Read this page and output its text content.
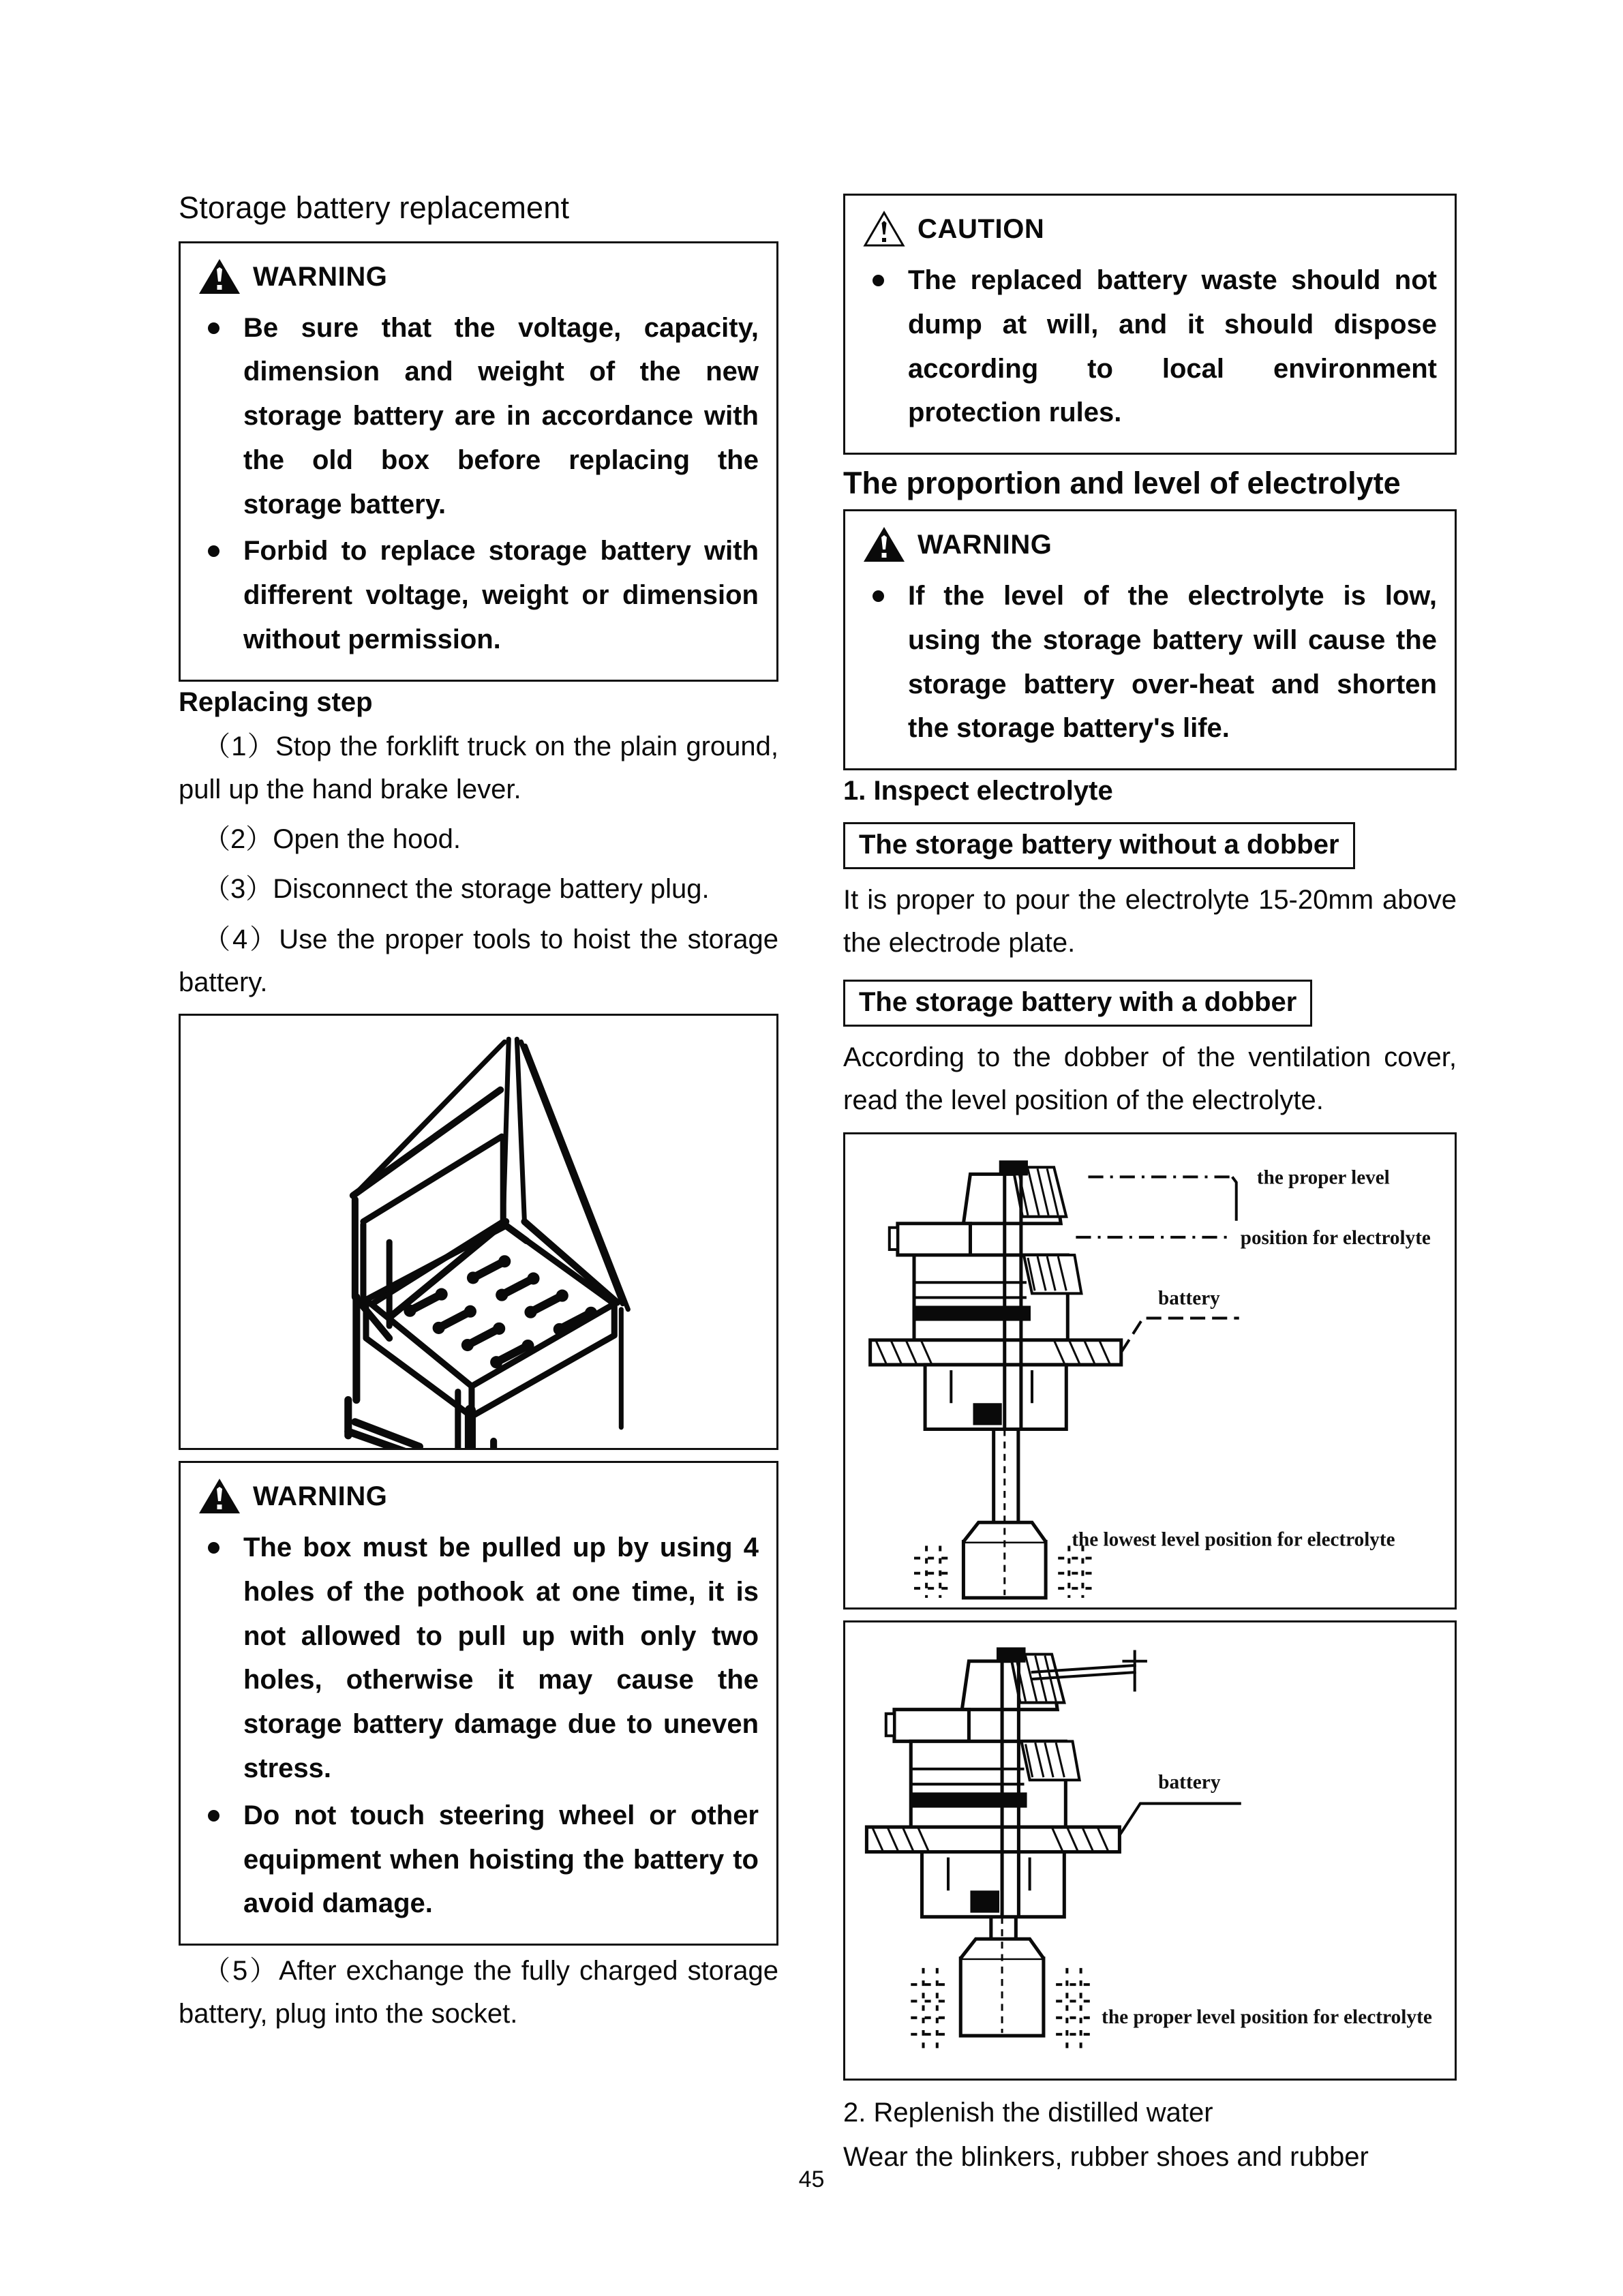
Storage battery replacement
WARNING
Be sure that the voltage, capacity, dimension and weight of the new storage battery are in accordance with the old box before replacing the storage battery.
Forbid to replace storage battery with different voltage, weight or dimension without permission.
Replacing step

（1）Stop the forklift truck on the plain ground, pull up the hand brake lever.

（2）Open the hood.

（3）Disconnect the storage battery plug.

（4）Use the proper tools to hoist the storage battery.

WARNING
The box must be pulled up by using 4 holes of the pothook at one time, it is not allowed to pull up with only two holes, otherwise it may cause the storage battery damage due to uneven stress.
Do not touch steering wheel or other equipment when hoisting the battery to avoid damage.

（5）After exchange the fully charged storage battery, plug into the socket.

CAUTION
The replaced battery waste should not dump at will, and it should dispose according to local environment protection rules.
The proportion and level of electrolyte
WARNING
If the level of the electrolyte is low, using the storage battery will cause the storage battery over-heat and shorten the storage battery's life.
1. Inspect electrolyte
The storage battery without a dobber

It is proper to pour the electrolyte 15-20mm above the electrode plate.

The storage battery with a dobber

According to the dobber of the ventilation cover, read the level position of the electrolyte.

the proper level
position for electrolyte
battery
the lowest level position for electrolyte
battery
the proper level position for electrolyte

2. Replenish the distilled water

Wear the blinkers, rubber shoes and rubber

45
